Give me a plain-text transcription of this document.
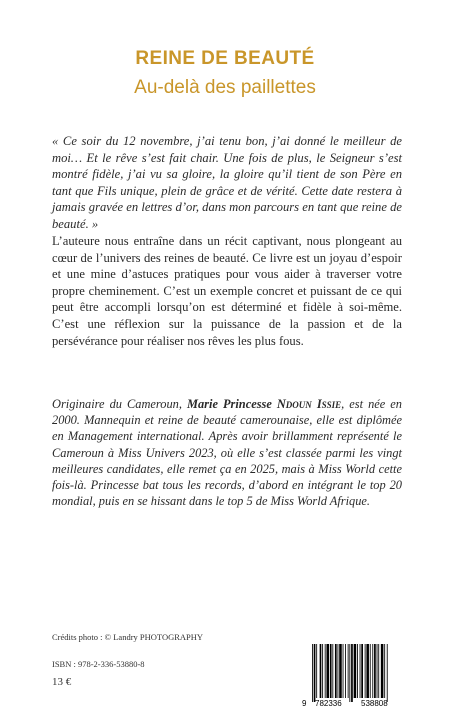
REINE DE BEAUTÉ
Au-delà des paillettes

« Ce soir du 12 novembre, j’ai tenu bon, j’ai donné le meilleur de moi… Et le rêve s’est fait chair. Une fois de plus, le Seigneur s’est montré fidèle, j’ai vu sa gloire, la gloire qu’il tient de son Père en tant que Fils unique, plein de grâce et de vérité. Cette date restera à jamais gravée en lettres d’or, dans mon parcours en tant que reine de beauté. »

L’auteure nous entraîne dans un récit captivant, nous plongeant au cœur de l’univers des reines de beauté. Ce livre est un joyau d’espoir et une mine d’astuces pratiques pour vous aider à traverser votre propre cheminement. C’est un exemple concret et puissant de ce qui peut être accompli lorsqu’on est déterminé et fidèle à soi-même. C’est une réflexion sur la puissance de la passion et de la persévérance pour réaliser nos rêves les plus fous.

Originaire du Cameroun, Marie Princesse Ndoun Issie, est née en 2000. Mannequin et reine de beauté camerounaise, elle est diplômée en Management international. Après avoir brillamment représenté le Cameroun à Miss Univers 2023, où elle s’est classée parmi les vingt meilleures candidates, elle remet ça en 2025, mais à Miss World cette fois-là. Princesse bat tous les records, d’abord en intégrant le top 20 mondial, puis en se hissant dans le top 5 de Miss World Afrique.

Crédits photo : © Landry PHOTOGRAPHY
ISBN : 978-2-336-53880-8
13 €
9 782336 538808
